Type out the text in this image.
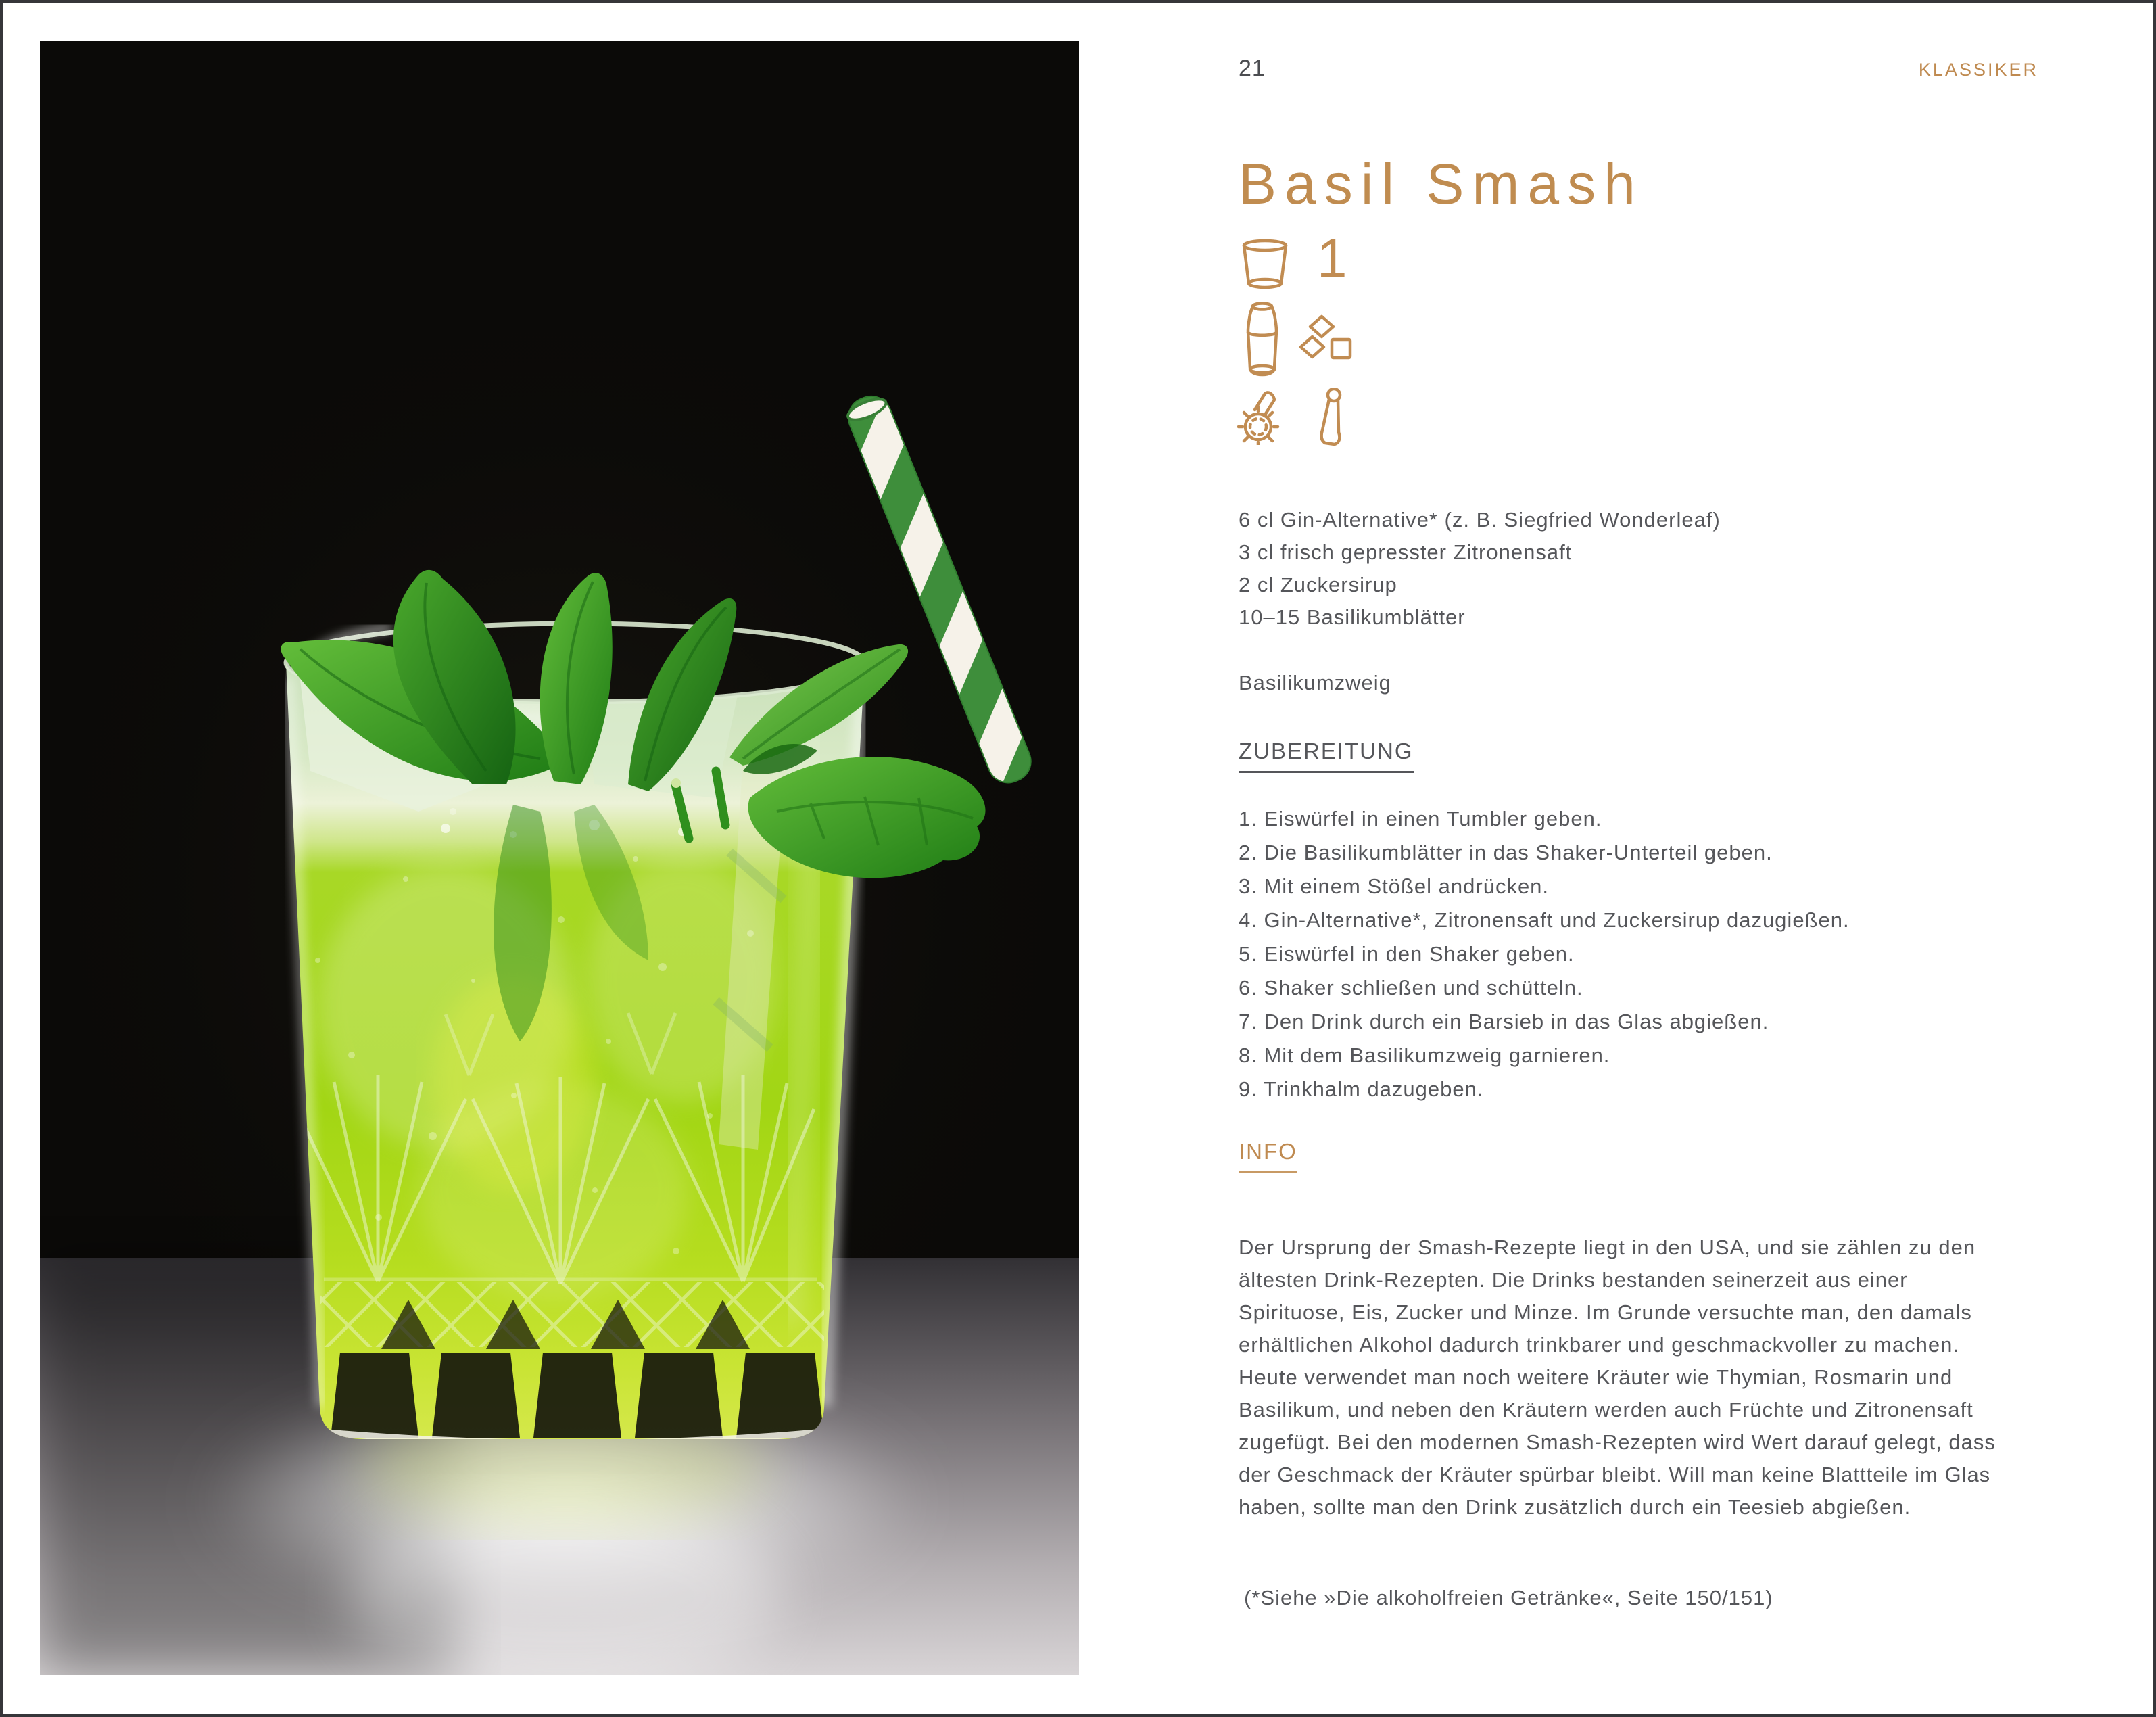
21	KLASSIKER
Basil Smash
1
6 cl Gin-Alternative* (z. B. Siegfried Wonderleaf)
3 cl frisch gepresster Zitronensaft
2 cl Zuckersirup
10–15 Basilikumblätter
Basilikumzweig
ZUBEREITUNG
1. Eiswürfel in einen Tumbler geben.
2. Die Basilikumblätter in das Shaker-Unterteil geben.
3. Mit einem Stößel andrücken.
4. Gin-Alternative*, Zitronensaft und Zuckersirup dazugießen.
5. Eiswürfel in den Shaker geben.
6. Shaker schließen und schütteln.
7. Den Drink durch ein Barsieb in das Glas abgießen.
8. Mit dem Basilikumzweig garnieren.
9. Trinkhalm dazugeben.
INFO

Der Ursprung der Smash-Rezepte liegt in den USA, und sie zählen zu den ältesten Drink-Rezepten. Die Drinks bestanden seinerzeit aus einer Spirituose, Eis, Zucker und Minze. Im Grunde versuchte man, den damals erhältlichen Alkohol dadurch trinkbarer und geschmackvoller zu machen. Heute verwendet man noch weitere Kräuter wie Thymian, Rosmarin und Basilikum, und neben den Kräutern werden auch Früchte und Zitronensaft zugefügt. Bei den modernen Smash-Rezepten wird Wert darauf gelegt, dass der Geschmack der Kräuter spürbar bleibt. Will man keine Blattteile im Glas haben, sollte man den Drink zusätzlich durch ein Teesieb abgießen.

(*Siehe »Die alkoholfreien Getränke«, Seite 150/151)
